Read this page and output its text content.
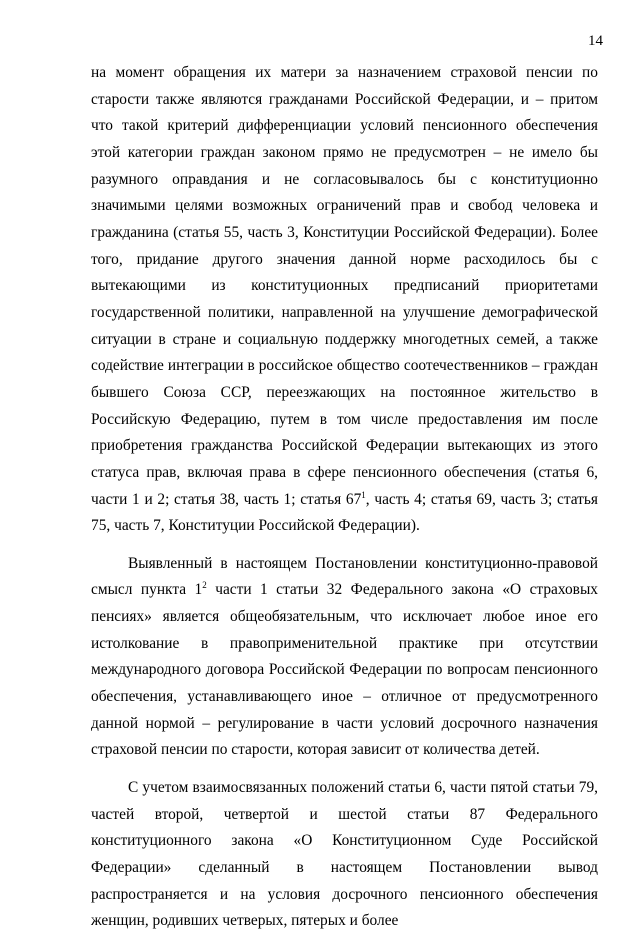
14

на момент обращения их матери за назначением страховой пенсии по старости также являются гражданами Российской Федерации, и – притом что такой критерий дифференциации условий пенсионного обеспечения этой категории граждан законом прямо не предусмотрен – не имело бы разумного оправдания и не согласовывалось бы с конституционно значимыми целями возможных ограничений прав и свобод человека и гражданина (статья 55, часть 3, Конституции Российской Федерации). Более того, придание другого значения данной норме расходилось бы с вытекающими из конституционных предписаний приоритетами государственной политики, направленной на улучшение демографической ситуации в стране и социальную поддержку многодетных семей, а также содействие интеграции в российское общество соотечественников – граждан бывшего Союза ССР, переезжающих на постоянное жительство в Российскую Федерацию, путем в том числе предоставления им после приобретения гражданства Российской Федерации вытекающих из этого статуса прав, включая права в сфере пенсионного обеспечения (статья 6, части 1 и 2; статья 38, часть 1; статья $67^1$, часть 4; статья 69, часть 3; статья 75, часть 7, Конституции Российской Федерации).

Выявленный в настоящем Постановлении конституционно-правовой смысл пункта $1^2$ части 1 статьи 32 Федерального закона «О страховых пенсиях» является общеобязательным, что исключает любое иное его истолкование в правоприменительной практике при отсутствии международного договора Российской Федерации по вопросам пенсионного обеспечения, устанавливающего иное – отличное от предусмотренного данной нормой – регулирование в части условий досрочного назначения страховой пенсии по старости, которая зависит от количества детей.

С учетом взаимосвязанных положений статьи 6, части пятой статьи 79, частей второй, четвертой и шестой статьи 87 Федерального конституционного закона «О Конституционном Суде Российской Федерации» сделанный в настоящем Постановлении вывод распространяется и на условия досрочного пенсионного обеспечения женщин, родивших четверых, пятерых и более
